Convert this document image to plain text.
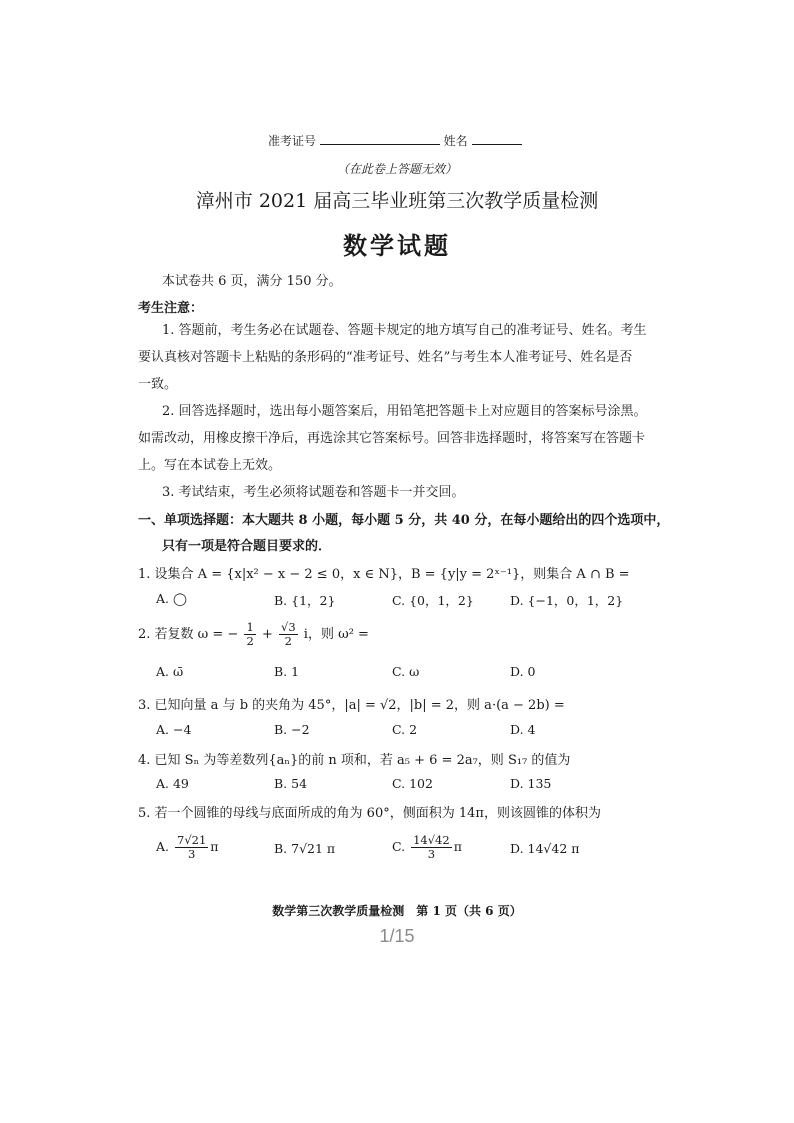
准考证号	姓名
（在此卷上答题无效）
漳州市 2021 届高三毕业班第三次教学质量检测
数学试题
本试卷共 6 页，满分 150 分。
考生注意：
1. 答题前，考生务必在试题卷、答题卡规定的地方填写自己的准考证号、姓名。考生
要认真核对答题卡上粘贴的条形码的“准考证号、姓名”与考生本人准考证号、姓名是否
一致。
2. 回答选择题时，选出每小题答案后，用铅笔把答题卡上对应题目的答案标号涂黑。
如需改动，用橡皮擦干净后，再选涂其它答案标号。回答非选择题时，将答案写在答题卡
上。写在本试卷上无效。
3. 考试结束，考生必须将试题卷和答题卡一并交回。
一、单项选择题：本大题共 8 小题，每小题 5 分，共 40 分，在每小题给出的四个选项中，
只有一项是符合题目要求的．
1. 设集合 A = {x|x² − x − 2 ≤ 0，x ∈ N}，B = {y|y = 2ˣ⁻¹}，则集合 A ∩ B =
A. ◯	B. {1，2}	C. {0，1，2}	D. {−1，0，1，2}
2. 若复数 ω = − $\frac{1}{2} + \frac{√3}{2}$ i，则 ω² =
A. ω̄	B. 1	C. ω	D. 0
3. 已知向量 a 与 b 的夹角为 45°，|a| = √2，|b| = 2，则 a·(a − 2b) =
A. −4	B. −2	C. 2	D. 4
4. 已知 Sₙ 为等差数列{aₙ}的前 n 项和，若 a₅ + 6 = 2a₇，则 S₁₇ 的值为
A. 49	B. 54	C. 102	D. 135
5. 若一个圆锥的母线与底面所成的角为 60°，侧面积为 14π，则该圆锥的体积为
A. $\frac{7√21}{3}$ π	B. 7√21 π	C. $\frac{14√42}{3}$ π	D. 14√42 π
数学第三次教学质量检测　第 1 页（共 6 页）
1/15
